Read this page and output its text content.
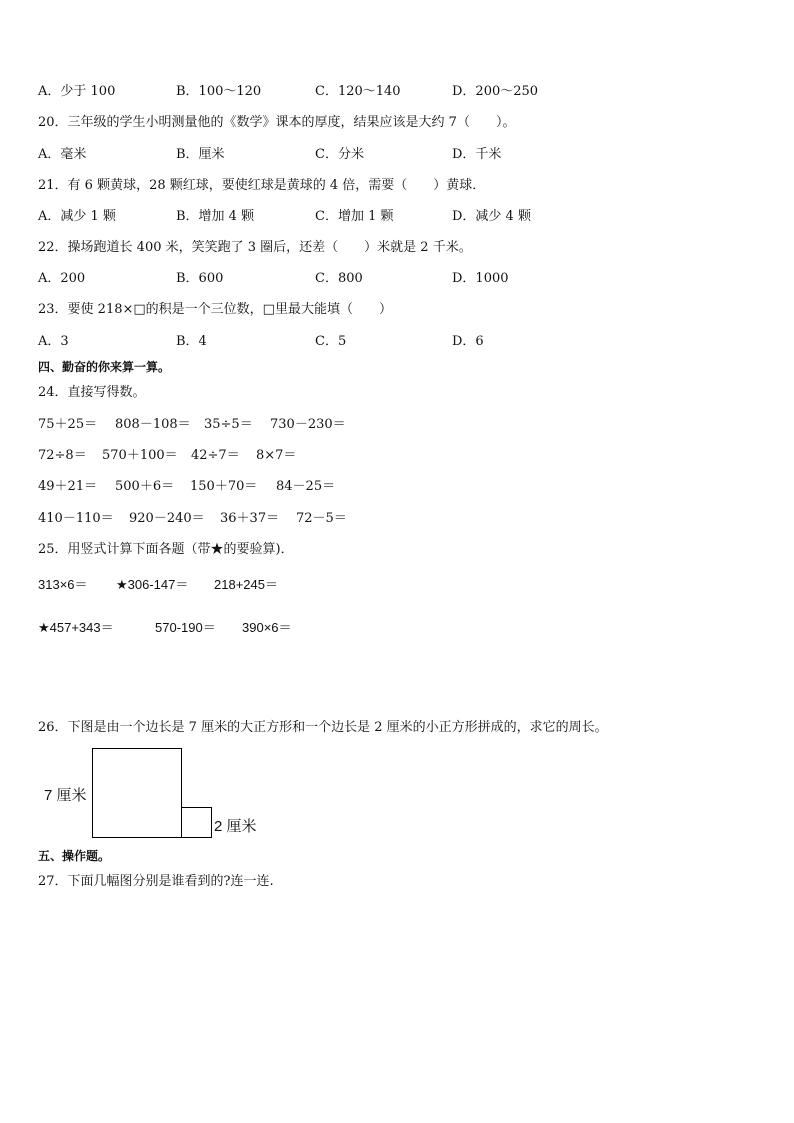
A．少于 100	B．100～120	C．120～140	D．200～250
20．三年级的学生小明测量他的《数学》课本的厚度，结果应该是大约 7（　　）。
A．毫米	B．厘米	C．分米	D．千米
21．有 6 颗黄球，28 颗红球，要使红球是黄球的 4 倍，需要（　　）黄球．
A．减少 1 颗	B．增加 4 颗	C．增加 1 颗	D．减少 4 颗
22．操场跑道长 400 米，笑笑跑了 3 圈后，还差（　　）米就是 2 千米。
A．200	B．600	C．800	D．1000
23．要使 218×□的积是一个三位数，□里最大能填（　　）
A．3	B．4	C．5	D．6
四、勤奋的你来算一算。
24．直接写得数。
75＋25＝ 808－108＝ 35÷5＝ 730－230＝
72÷8＝ 570＋100＝ 42÷7＝ 8×7＝
49＋21＝ 500＋6＝ 150＋70＝ 84－25＝
410－110＝ 920－240＝ 36＋37＝ 72－5＝
25．用竖式计算下面各题（带★的要验算)．
313×6＝ ★306-147＝ 218+245＝
★457+343＝	570-190＝ 390×6＝
26．下图是由一个边长是 7 厘米的大正方形和一个边长是 2 厘米的小正方形拼成的，求它的周长。
7 厘米
2 厘米
五、操作题。
27．下面几幅图分别是谁看到的?连一连.
